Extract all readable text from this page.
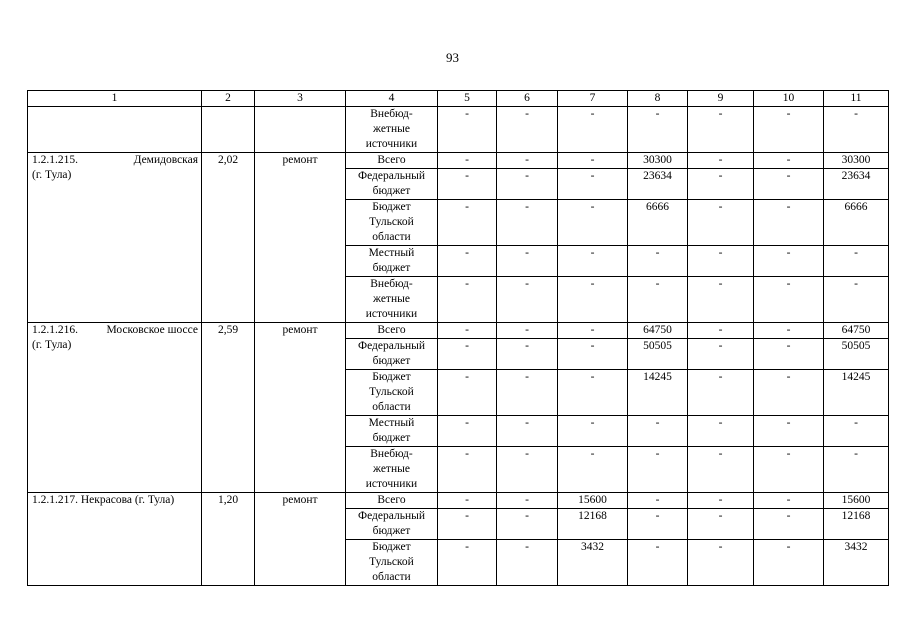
93
1	2	3	4	5	6	7	8	9	10	11
			Внебюд-
жетные
источники	-	-	-	-	-	-	-

1.2.1.215. Демидовская
(г. Тула)	2,02	ремонт	Всего	-	-	-	30300	-	-	30300
			Федеральный
бюджет	-	-	-	23634	-	-	23634
			Бюджет
Тульской
области	-	-	-	6666	-	-	6666
			Местный
бюджет	-	-	-	-	-	-	-
			Внебюд-
жетные
источники	-	-	-	-	-	-	-

1.2.1.216. Московское шоссе
(г. Тула)	2,59	ремонт	Всего	-	-	-	64750	-	-	64750
			Федеральный
бюджет	-	-	-	50505	-	-	50505
			Бюджет
Тульской
области	-	-	-	14245	-	-	14245
			Местный
бюджет	-	-	-	-	-	-	-
			Внебюд-
жетные
источники	-	-	-	-	-	-	-

1.2.1.217. Некрасова (г. Тула)	1,20	ремонт	Всего	-	-	15600	-	-	-	15600
			Федеральный
бюджет	-	-	12168	-	-	-	12168
			Бюджет
Тульской
области	-	-	3432	-	-	-	3432
